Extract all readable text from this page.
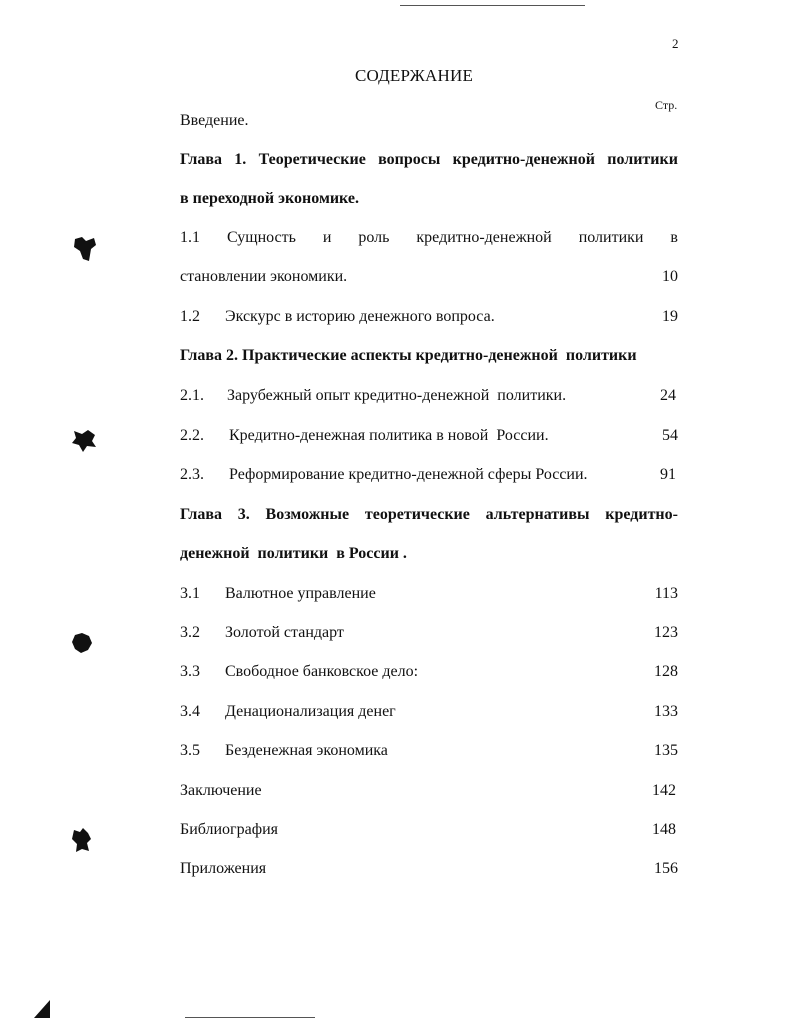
2
СОДЕРЖАНИЕ
Стр.
Введение.
Глава 1. Теоретические вопросы кредитно-денежной политики
в переходной экономике.
1.1 Сущность и роль кредитно-денежной политики в
становлении экономики.	10
1.2 Экскурс в историю денежного вопроса.	19
Глава 2. Практические аспекты кредитно-денежной  политики
2.1. Зарубежный опыт кредитно-денежной  политики.	24
2.2. Кредитно-денежная политика в новой  России.	54
2.3. Реформирование кредитно-денежной сферы России.	91
Глава 3. Возможные теоретические альтернативы кредитно-
денежной  политики  в России .
3.1 Валютное управление	113
3.2 Золотой стандарт	123
3.3 Свободное банковское дело:	128
3.4 Денационализация денег	133
3.5 Безденежная экономика	135
Заключение	142
Библиография	148
Приложения	156
